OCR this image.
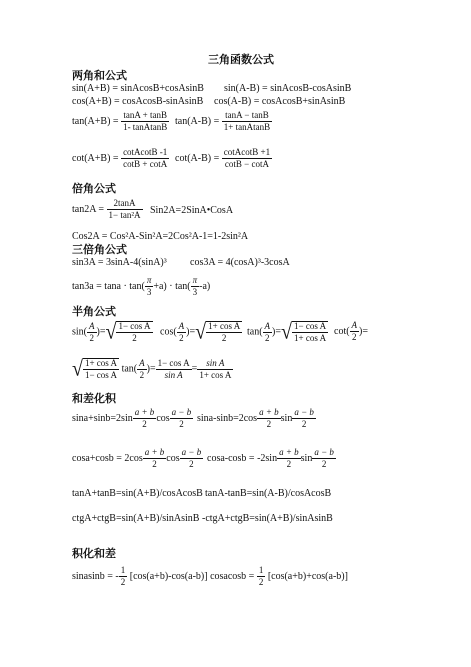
三角函数公式
两角和公式
sin(A+B) = sinAcosB+cosAsinB sin(A-B) = sinAcosB-cosAsinB
cos(A+B) = cosAcosB-sinAsinB cos(A-B) = cosAcosB+sinAsinB
$\tan(A+B) = \frac{\tan A + \tan B}{\text{1- tanAtanB}} \tan(A-B) = \frac{\tan A - \tan B}{\text{1+ tanAtanB}}$
$\cot(A+B) = \frac{\text{cotAcotB -1}}{\cot B + \cot A} \cot(A-B) = \frac{\text{cotAcotB +1}}{\cot B - \cot A}$
倍角公式
$\tan 2A = \frac{2\tan A}{\text{1− tan²A}}$ Sin2A=2SinA•CosA
Cos2A = Cos²A-Sin²A=2Cos²A-1=1-2sin²A
三倍角公式
sin3A = 3sinA-4(sinA)³ cos3A = 4(cosA)³-3cosA
$\tan 3a = \tan a \cdot \tan( \frac{\pi}{3} +a) \cdot \tan( \frac{\pi}{3} -a)$
半角公式
$\sin( \frac{A}{2}$ )=√ $\frac{\text{1− cos A}}{2} \cos( \frac{A}{2}$ )=√ $\frac{\text{1+ cos A}}{2} \tan( \frac{A}{2}$ )=√ $\frac{\text{1− cos A}}{\text{1+ cos A}} \cot( \frac{A}{2}$ )=
√ $\frac{\text{1+ cos A}}{\text{1− cos A}} \tan( \frac{A}{2}$ )= $\frac{\text{1− cos A}}{\text{sin A}} = \frac{\text{sin A}}{\text{1+ cos A}}$
和差化积
$\sin a+\sin b=2\sin \frac{a + b}{2}$ $\cos \frac{a - b}{2} \sin a-\sin b=2\cos \frac{a + b}{2}$ $\sin \frac{a - b}{2}$
$\cos a+\cos b = 2\cos \frac{a + b}{2}$ $\cos \frac{a - b}{2} \cos a-\cos b = -2\sin \frac{a + b}{2}$ $\sin \frac{a - b}{2}$
tanA+tanB=sin(A+B)/cosAcosB tanA-tanB=sin(A-B)/cosAcosB
ctgA+ctgB=sin(A+B)/sinAsinB -ctgA+ctgB=sin(A+B)/sinAsinB
积化和差
sinasinb = - $\frac{1}{2} [\cos(a+b)-\cos(a-b)]$ cosacosb = $\frac{1}{2} [\cos(a+b)+\cos(a-b)]$
